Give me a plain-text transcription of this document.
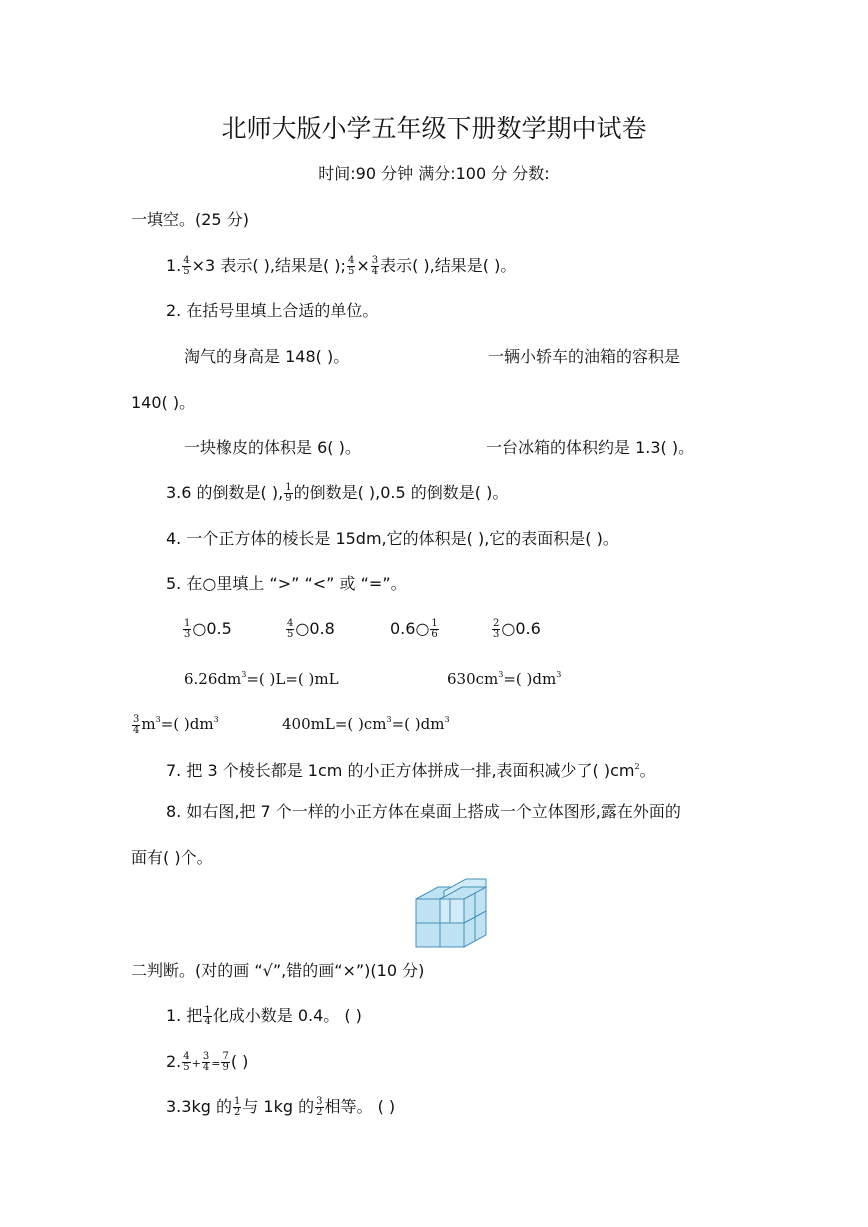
北师大版小学五年级下册数学期中试卷
时间:90 分钟 满分:100 分 分数:
一填空。(25 分)
1. $\frac{4}{5} \times 3$ 表示( ),结果是( ); $\frac{4}{5} \times \frac{3}{4}$ 表示( ),结果是( )。
2. 在括号里填上合适的单位。
淘气的身高是 148( )。	一辆小轿车的油箱的容积是
140( )。
一块橡皮的体积是 6( )。	一台冰箱的体积约是 1.3( )。
3.6 的倒数是( ), $\frac{1}{9}$ 的倒数是( ),0.5 的倒数是( )。
4. 一个正方体的棱长是 15dm,它的体积是( ),它的表面积是( )。
5. 在○里填上 “>” “<” 或 “=”。
$\frac{1}{3}$ ○0.5	$\frac{4}{5}$ ○0.8	0.6○ $\frac{1}{6}$	$\frac{2}{3}$ ○0.6
$6.26dm^3=$( )L=( )mL	$630cm^3=$( )$dm^3$
$\frac{3}{4} m^3=$( )$dm^3$	400mL=( )$cm^3=$( )$dm^3$
7. 把 3 个棱长都是 1cm 的小正方体拼成一排,表面积减少了( )$cm^2$。
8. 如右图,把 7 个一样的小正方体在桌面上搭成一个立体图形,露在外面的
面有( )个。
二判断。(对的画 “√”,错的画“×”)(10 分)
1. 把 $\frac{1}{4}$ 化成小数是 0.4。 ( )
2. $\frac{4}{5} + \frac{3}{4} = \frac{7}{9}$ ( )
3.3kg 的 $\frac{1}{2}$ 与 1kg 的 $\frac{3}{2}$ 相等。 ( )
